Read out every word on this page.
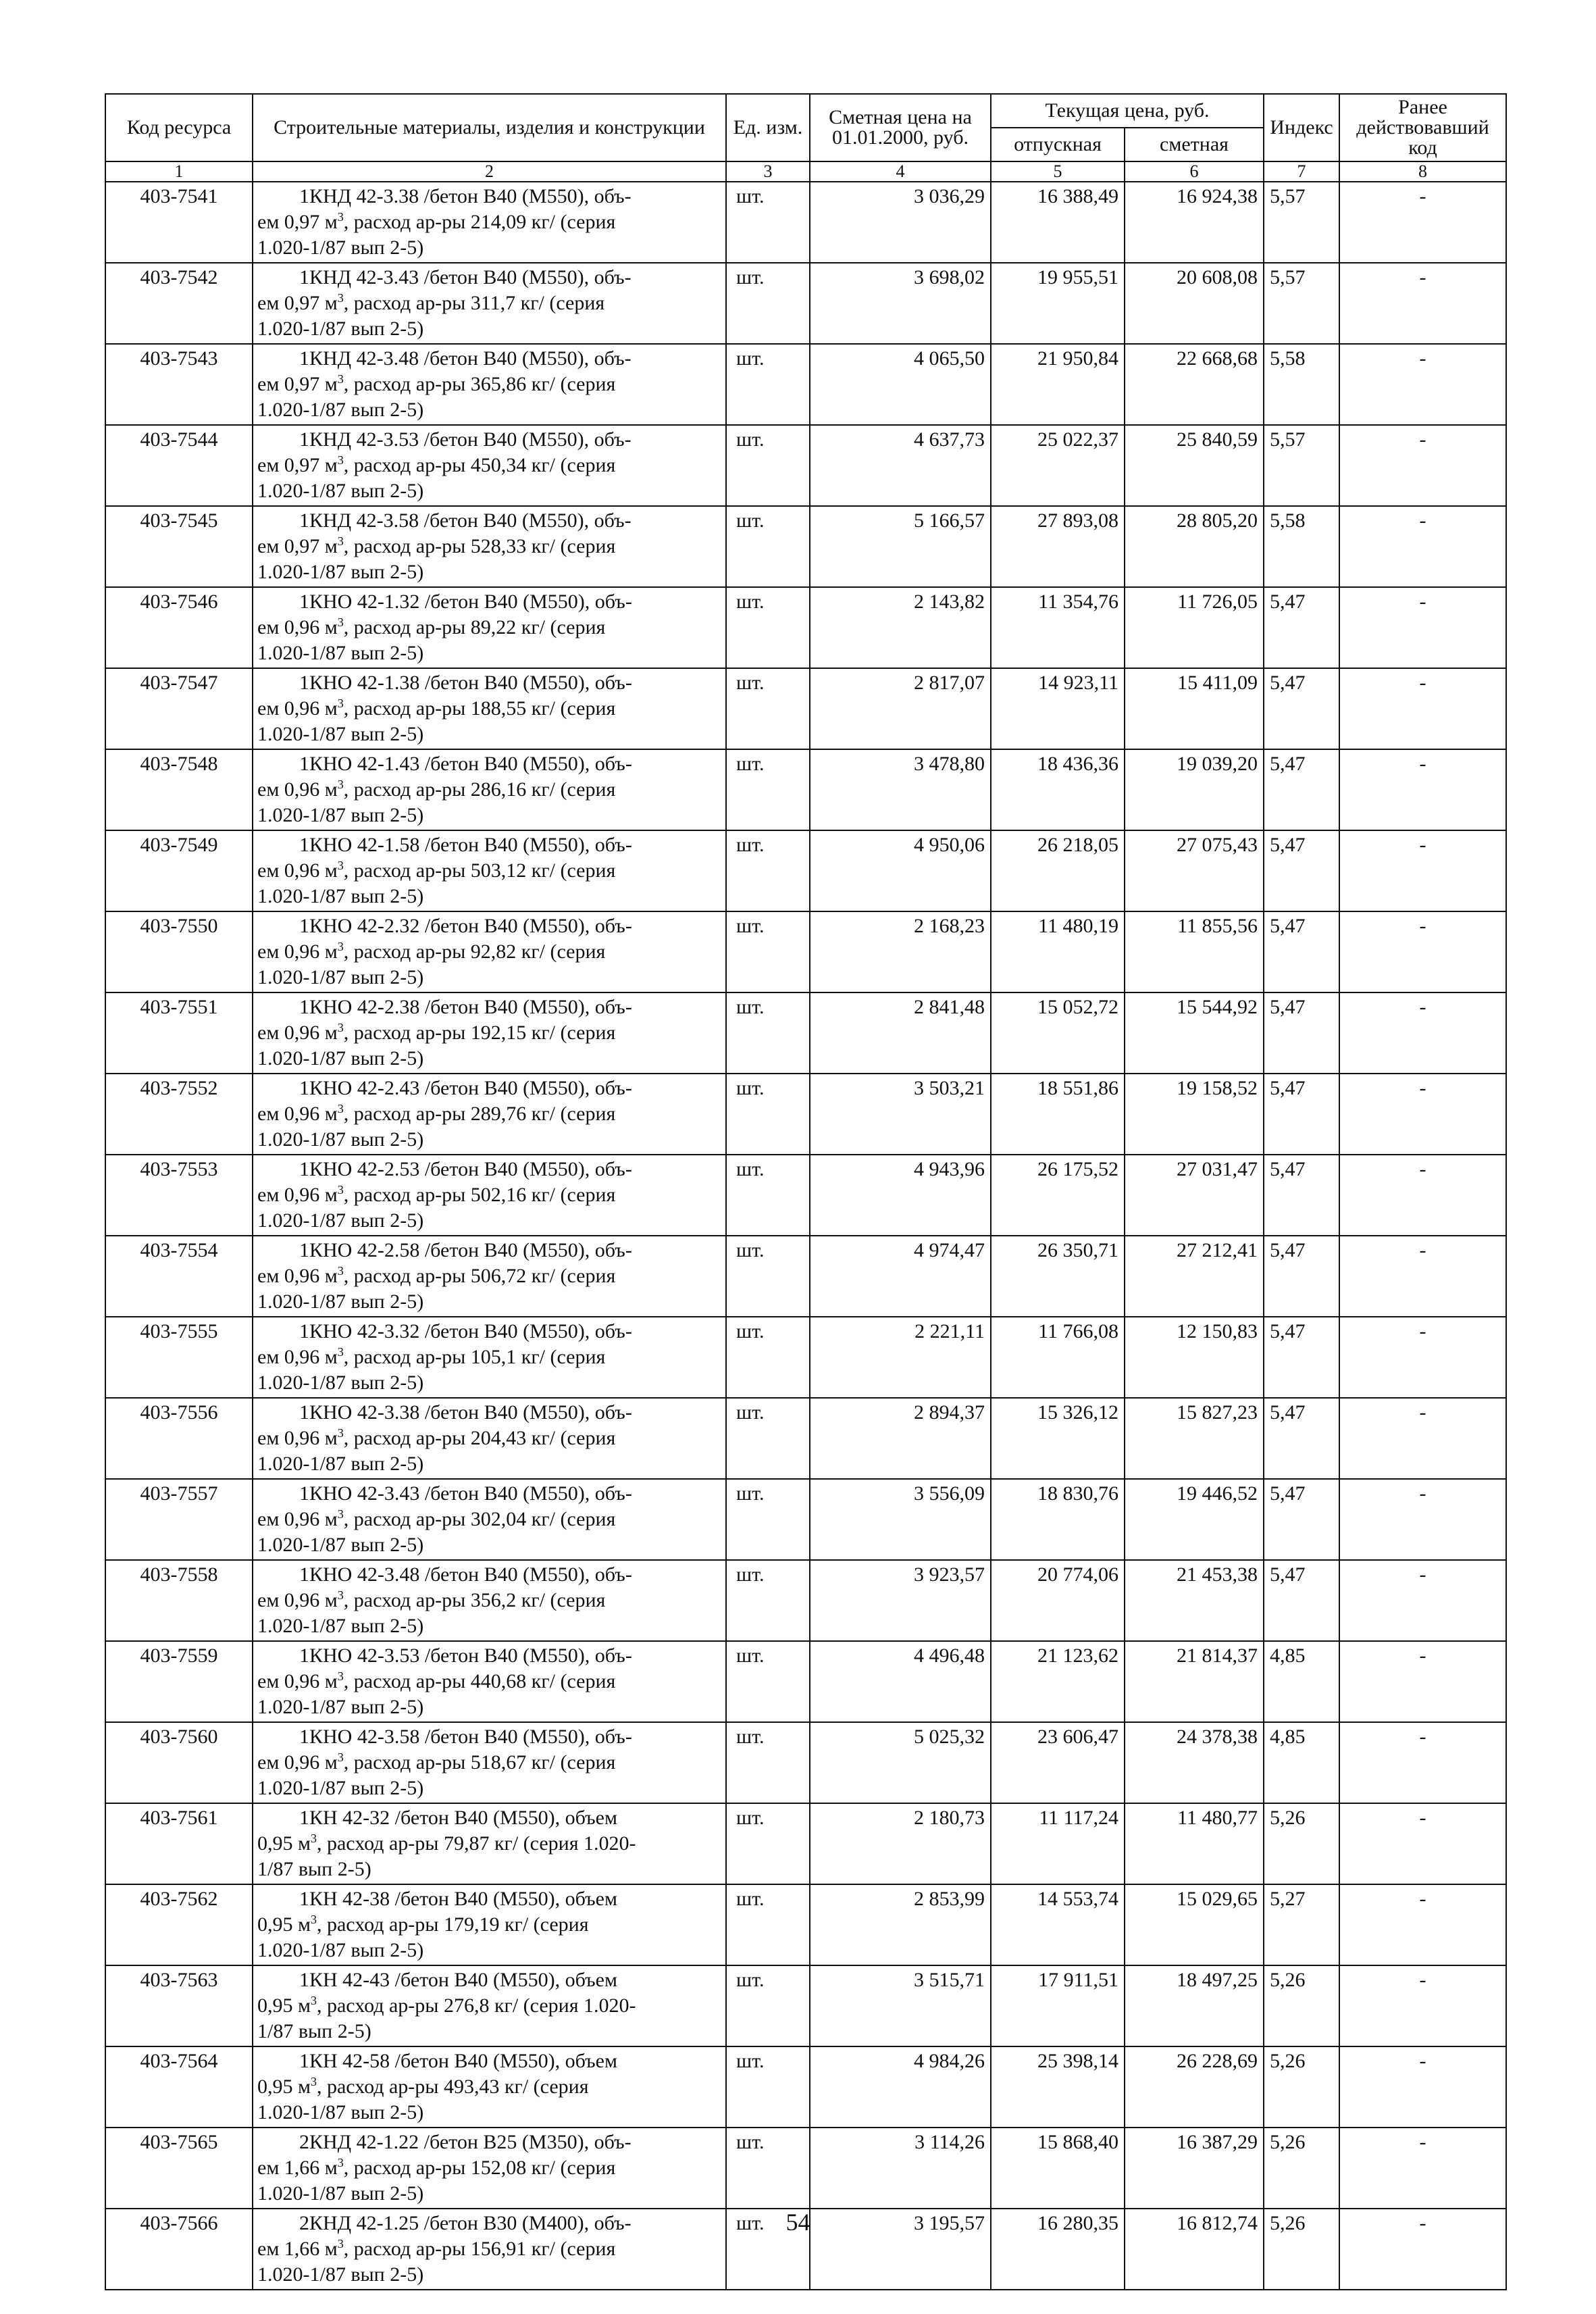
Код ресурса	Строительные материалы, изделия и конструкции	Ед. изм.	Сметная цена на 01.01.2000, руб.	Текущая цена, руб.		Индекс	Ранее действовавший код
				отпускная	сметная		
1	2	3	4	5	6	7	8
403-7541	1КНД 42-3.38 /бетон B40 (M550), объ-
ем 0,97 $м^3$, расход ар-ры 214,09 кг/ (серия
1.020-1/87 вып 2-5)	шт.	3 036,29	16 388,49	16 924,38	5,57	-
403-7542	1КНД 42-3.43 /бетон B40 (M550), объ-
ем 0,97 $м^3$, расход ар-ры 311,7 кг/ (серия
1.020-1/87 вып 2-5)	шт.	3 698,02	19 955,51	20 608,08	5,57	-
403-7543	1КНД 42-3.48 /бетон B40 (M550), объ-
ем 0,97 $м^3$, расход ар-ры 365,86 кг/ (серия
1.020-1/87 вып 2-5)	шт.	4 065,50	21 950,84	22 668,68	5,58	-
403-7544	1КНД 42-3.53 /бетон B40 (M550), объ-
ем 0,97 $м^3$, расход ар-ры 450,34 кг/ (серия
1.020-1/87 вып 2-5)	шт.	4 637,73	25 022,37	25 840,59	5,57	-
403-7545	1КНД 42-3.58 /бетон B40 (M550), объ-
ем 0,97 $м^3$, расход ар-ры 528,33 кг/ (серия
1.020-1/87 вып 2-5)	шт.	5 166,57	27 893,08	28 805,20	5,58	-
403-7546	1КНО 42-1.32 /бетон B40 (M550), объ-
ем 0,96 $м^3$, расход ар-ры 89,22 кг/ (серия
1.020-1/87 вып 2-5)	шт.	2 143,82	11 354,76	11 726,05	5,47	-
403-7547	1КНО 42-1.38 /бетон B40 (M550), объ-
ем 0,96 $м^3$, расход ар-ры 188,55 кг/ (серия
1.020-1/87 вып 2-5)	шт.	2 817,07	14 923,11	15 411,09	5,47	-
403-7548	1КНО 42-1.43 /бетон B40 (M550), объ-
ем 0,96 $м^3$, расход ар-ры 286,16 кг/ (серия
1.020-1/87 вып 2-5)	шт.	3 478,80	18 436,36	19 039,20	5,47	-
403-7549	1КНО 42-1.58 /бетон B40 (M550), объ-
ем 0,96 $м^3$, расход ар-ры 503,12 кг/ (серия
1.020-1/87 вып 2-5)	шт.	4 950,06	26 218,05	27 075,43	5,47	-
403-7550	1КНО 42-2.32 /бетон B40 (M550), объ-
ем 0,96 $м^3$, расход ар-ры 92,82 кг/ (серия
1.020-1/87 вып 2-5)	шт.	2 168,23	11 480,19	11 855,56	5,47	-
403-7551	1КНО 42-2.38 /бетон B40 (M550), объ-
ем 0,96 $м^3$, расход ар-ры 192,15 кг/ (серия
1.020-1/87 вып 2-5)	шт.	2 841,48	15 052,72	15 544,92	5,47	-
403-7552	1КНО 42-2.43 /бетон B40 (M550), объ-
ем 0,96 $м^3$, расход ар-ры 289,76 кг/ (серия
1.020-1/87 вып 2-5)	шт.	3 503,21	18 551,86	19 158,52	5,47	-
403-7553	1КНО 42-2.53 /бетон B40 (M550), объ-
ем 0,96 $м^3$, расход ар-ры 502,16 кг/ (серия
1.020-1/87 вып 2-5)	шт.	4 943,96	26 175,52	27 031,47	5,47	-
403-7554	1КНО 42-2.58 /бетон B40 (M550), объ-
ем 0,96 $м^3$, расход ар-ры 506,72 кг/ (серия
1.020-1/87 вып 2-5)	шт.	4 974,47	26 350,71	27 212,41	5,47	-
403-7555	1КНО 42-3.32 /бетон B40 (M550), объ-
ем 0,96 $м^3$, расход ар-ры 105,1 кг/ (серия
1.020-1/87 вып 2-5)	шт.	2 221,11	11 766,08	12 150,83	5,47	-
403-7556	1КНО 42-3.38 /бетон B40 (M550), объ-
ем 0,96 $м^3$, расход ар-ры 204,43 кг/ (серия
1.020-1/87 вып 2-5)	шт.	2 894,37	15 326,12	15 827,23	5,47	-
403-7557	1КНО 42-3.43 /бетон B40 (M550), объ-
ем 0,96 $м^3$, расход ар-ры 302,04 кг/ (серия
1.020-1/87 вып 2-5)	шт.	3 556,09	18 830,76	19 446,52	5,47	-
403-7558	1КНО 42-3.48 /бетон B40 (M550), объ-
ем 0,96 $м^3$, расход ар-ры 356,2 кг/ (серия
1.020-1/87 вып 2-5)	шт.	3 923,57	20 774,06	21 453,38	5,47	-
403-7559	1КНО 42-3.53 /бетон B40 (M550), объ-
ем 0,96 $м^3$, расход ар-ры 440,68 кг/ (серия
1.020-1/87 вып 2-5)	шт.	4 496,48	21 123,62	21 814,37	4,85	-
403-7560	1КНО 42-3.58 /бетон B40 (M550), объ-
ем 0,96 $м^3$, расход ар-ры 518,67 кг/ (серия
1.020-1/87 вып 2-5)	шт.	5 025,32	23 606,47	24 378,38	4,85	-
403-7561	1КН 42-32 /бетон B40 (M550), объем
0,95 $м^3$, расход ар-ры 79,87 кг/ (серия 1.020-
1/87 вып 2-5)	шт.	2 180,73	11 117,24	11 480,77	5,26	-
403-7562	1КН 42-38 /бетон B40 (M550), объем
0,95 $м^3$, расход ар-ры 179,19 кг/ (серия
1.020-1/87 вып 2-5)	шт.	2 853,99	14 553,74	15 029,65	5,27	-
403-7563	1КН 42-43 /бетон B40 (M550), объем
0,95 $м^3$, расход ар-ры 276,8 кг/ (серия 1.020-
1/87 вып 2-5)	шт.	3 515,71	17 911,51	18 497,25	5,26	-
403-7564	1КН 42-58 /бетон B40 (M550), объем
0,95 $м^3$, расход ар-ры 493,43 кг/ (серия
1.020-1/87 вып 2-5)	шт.	4 984,26	25 398,14	26 228,69	5,26	-
403-7565	2КНД 42-1.22 /бетон B25 (M350), объ-
ем 1,66 $м^3$, расход ар-ры 152,08 кг/ (серия
1.020-1/87 вып 2-5)	шт.	3 114,26	15 868,40	16 387,29	5,26	-
403-7566	2КНД 42-1.25 /бетон B30 (M400), объ-
ем 1,66 $м^3$, расход ар-ры 156,91 кг/ (серия
1.020-1/87 вып 2-5)	шт.	3 195,57	16 280,35	16 812,74	5,26	-
54
